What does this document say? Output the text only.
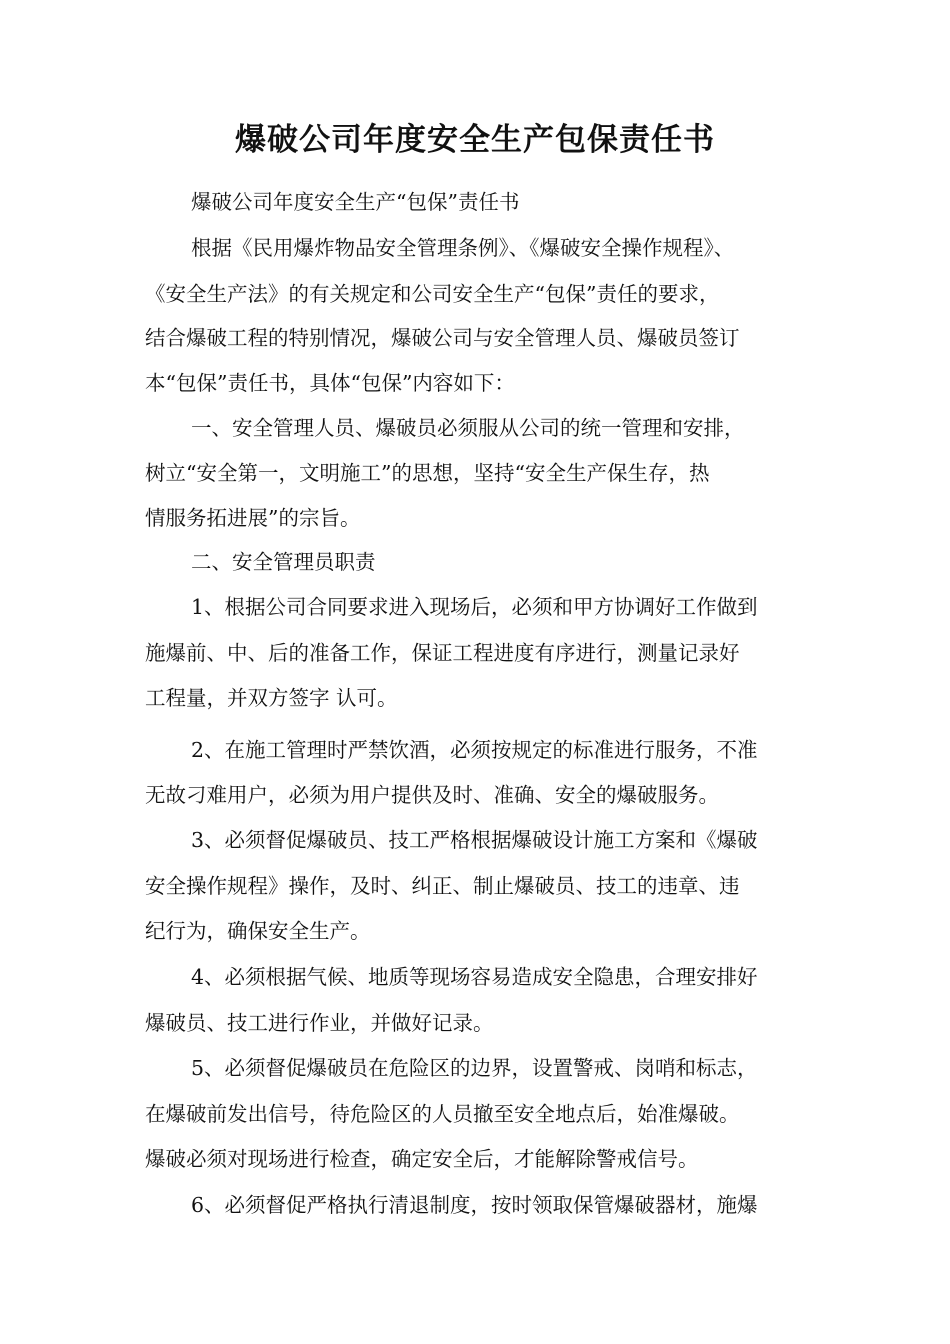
爆破公司年度安全生产包保责任书
爆破公司年度安全生产“包保”责任书
根据《民用爆炸物品安全管理条例》、《爆破安全操作规程》、
《安全生产法》的有关规定和公司安全生产“包保”责任的要求，
结合爆破工程的特别情况，爆破公司与安全管理人员、爆破员签订
本“包保”责任书，具体“包保”内容如下：
一、安全管理人员、爆破员必须服从公司的统一管理和安排，
树立“安全第一，文明施工”的思想，坚持“安全生产保生存，热
情服务拓进展”的宗旨。
二、安全管理员职责
1、根据公司合同要求进入现场后，必须和甲方协调好工作做到
施爆前、中、后的准备工作，保证工程进度有序进行，测量记录好
工程量，并双方签字 认可。
2、在施工管理时严禁饮酒，必须按规定的标准进行服务，不准
无故刁难用户，必须为用户提供及时、准确、安全的爆破服务。
3、必须督促爆破员、技工严格根据爆破设计施工方案和《爆破
安全操作规程》操作，及时、纠正、制止爆破员、技工的违章、违
纪行为，确保安全生产。
4、必须根据气候、地质等现场容易造成安全隐患，合理安排好
爆破员、技工进行作业，并做好记录。
5、必须督促爆破员在危险区的边界，设置警戒、岗哨和标志，
在爆破前发出信号，待危险区的人员撤至安全地点后，始准爆破。
爆破必须对现场进行检查，确定安全后，才能解除警戒信号。
6、必须督促严格执行清退制度，按时领取保管爆破器材，施爆
